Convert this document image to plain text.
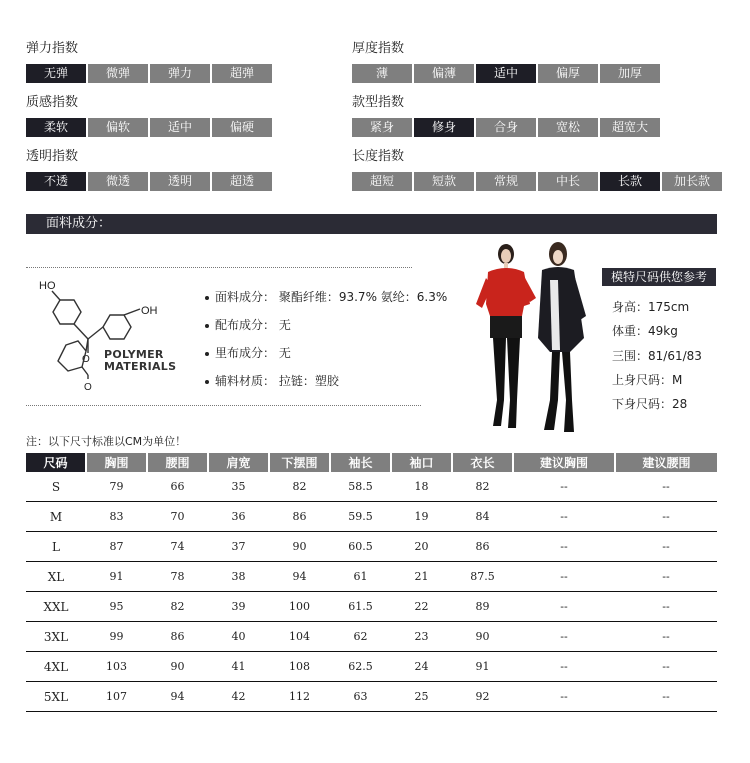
弹力指数
无弹	微弹	弹力	超弹
质感指数
柔软	偏软	适中	偏硬
透明指数
不透	微透	透明	超透
厚度指数
薄	偏薄	适中	偏厚	加厚
款型指数
紧身	修身	合身	宽松	超宽大
长度指数
超短	短款	常规	中长	长款	加长款
面料成分：
HO
OH
O
O
POLYMER
MATERIALS
面料成分： 聚酯纤维：93.7% 氨纶：6.3%
配布成分： 无
里布成分： 无
辅料材质： 拉链：塑胶
模特尺码供您参考
身高：175cm
体重：49kg
三围：81/61/83
上身尺码：M
下身尺码：28
注：以下尺寸标准以CM为单位！
尺码	胸围	腰围	肩宽	下摆围	袖长	袖口	衣长	建议胸围	建议腰围
S	79	66	35	82	58.5	18	82	--	--
M	83	70	36	86	59.5	19	84	--	--
L	87	74	37	90	60.5	20	86	--	--
XL	91	78	38	94	61	21	87.5	--	--
XXL	95	82	39	100	61.5	22	89	--	--
3XL	99	86	40	104	62	23	90	--	--
4XL	103	90	41	108	62.5	24	91	--	--
5XL	107	94	42	112	63	25	92	--	--
